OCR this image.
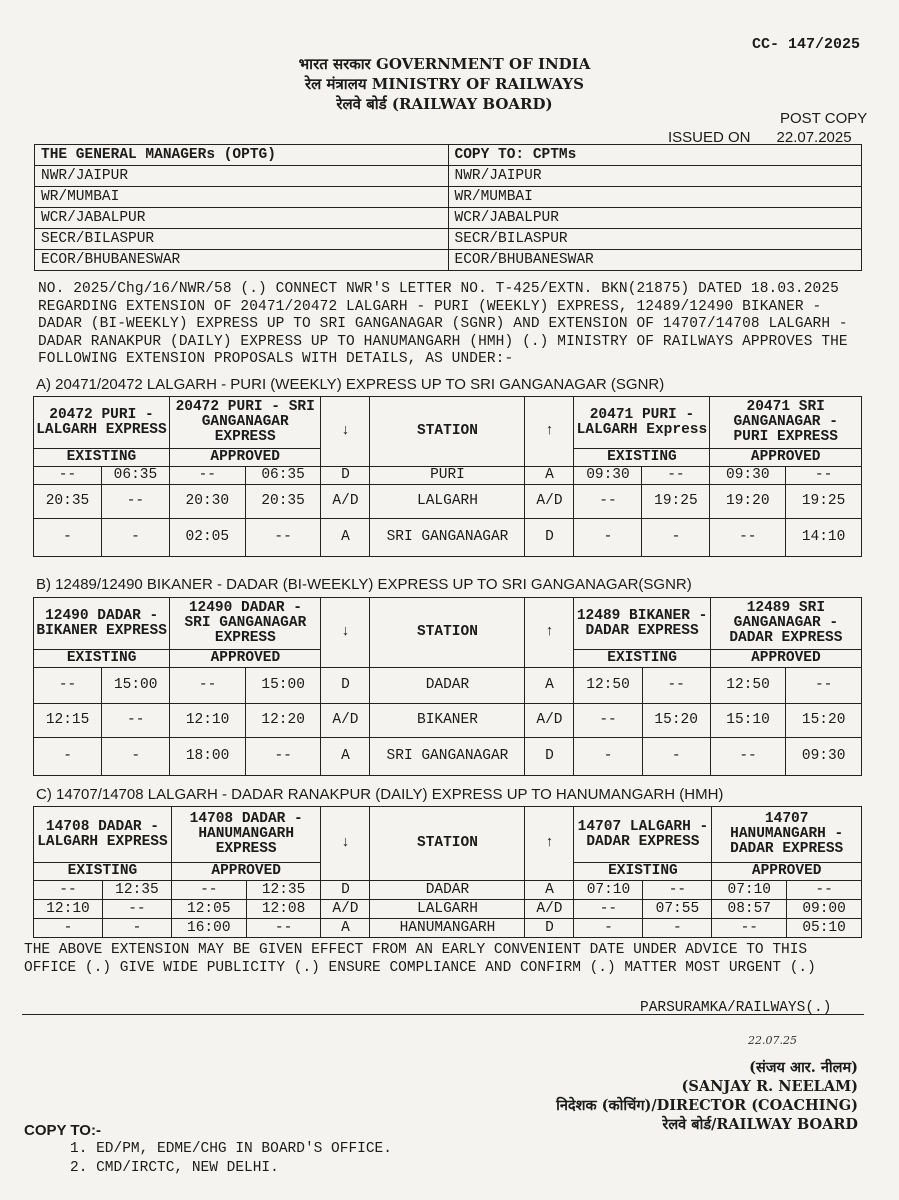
CC- 147/2025
भारत सरकार GOVERNMENT OF INDIA
रेल मंत्रालय MINISTRY OF RAILWAYS
रेलवे बोर्ड (RAILWAY BOARD)
POST COPY
ISSUED ON 22.07.2025
THE GENERAL MANAGERs (OPTG)	COPY TO: CPTMs
NWR/JAIPUR	NWR/JAIPUR
WR/MUMBAI	WR/MUMBAI
WCR/JABALPUR	WCR/JABALPUR
SECR/BILASPUR	SECR/BILASPUR
ECOR/BHUBANESWAR	ECOR/BHUBANESWAR
NO. 2025/Chg/16/NWR/58 (.) CONNECT NWR'S LETTER NO. T-425/EXTN. BKN(21875) DATED 18.03.2025 REGARDING EXTENSION OF 20471/20472 LALGARH - PURI (WEEKLY) EXPRESS, 12489/12490 BIKANER - DADAR (BI-WEEKLY) EXPRESS UP TO SRI GANGANAGAR (SGNR) AND EXTENSION OF 14707/14708 LALGARH - DADAR RANAKPUR (DAILY) EXPRESS UP TO HANUMANGARH (HMH) (.) MINISTRY OF RAILWAYS APPROVES THE FOLLOWING EXTENSION PROPOSALS WITH DETAILS, AS UNDER:-
A) 20471/20472 LALGARH - PURI (WEEKLY) EXPRESS UP TO SRI GANGANAGAR (SGNR)
20472 PURI - LALGARH EXPRESS		20472 PURI - SRI GANGANAGAR EXPRESS		↓	STATION	↑	20471 PURI - LALGARH Express		20471 SRI GANGANAGAR - PURI EXPRESS	
EXISTING		APPROVED					EXISTING		APPROVED	
--	06:35	--	06:35	D	PURI	A	09:30	--	09:30	--
20:35	--	20:30	20:35	A/D	LALGARH	A/D	--	19:25	19:20	19:25
-	-	02:05	--	A	SRI GANGANAGAR	D	-	-	--	14:10
B) 12489/12490 BIKANER - DADAR (BI-WEEKLY) EXPRESS UP TO SRI GANGANAGAR(SGNR)
12490 DADAR - BIKANER EXPRESS		12490 DADAR - SRI GANGANAGAR EXPRESS		↓	STATION	↑	12489 BIKANER - DADAR EXPRESS		12489 SRI GANGANAGAR - DADAR EXPRESS	
EXISTING		APPROVED					EXISTING		APPROVED	
--	15:00	--	15:00	D	DADAR	A	12:50	--	12:50	--
12:15	--	12:10	12:20	A/D	BIKANER	A/D	--	15:20	15:10	15:20
-	-	18:00	--	A	SRI GANGANAGAR	D	-	-	--	09:30
C) 14707/14708 LALGARH - DADAR RANAKPUR (DAILY) EXPRESS UP TO HANUMANGARH (HMH)
14708 DADAR - LALGARH EXPRESS		14708 DADAR - HANUMANGARH EXPRESS		↓	STATION	↑	14707 LALGARH - DADAR EXPRESS		14707 HANUMANGARH - DADAR EXPRESS	
EXISTING		APPROVED					EXISTING		APPROVED	
--	12:35	--	12:35	D	DADAR	A	07:10	--	07:10	--
12:10	--	12:05	12:08	A/D	LALGARH	A/D	--	07:55	08:57	09:00
-	-	16:00	--	A	HANUMANGARH	D	-	-	--	05:10
THE ABOVE EXTENSION MAY BE GIVEN EFFECT FROM AN EARLY CONVENIENT DATE UNDER ADVICE TO THIS OFFICE (.) GIVE WIDE PUBLICITY (.) ENSURE COMPLIANCE AND CONFIRM (.) MATTER MOST URGENT (.)
PARSURAMKA/RAILWAYS(.)
22.07.25
(संजय आर. नीलम)
(SANJAY R. NEELAM)
निदेशक (कोचिंग)/DIRECTOR (COACHING)
रेलवे बोर्ड/RAILWAY BOARD
COPY TO:-
1. ED/PM, EDME/CHG IN BOARD'S OFFICE.
2. CMD/IRCTC, NEW DELHI.
